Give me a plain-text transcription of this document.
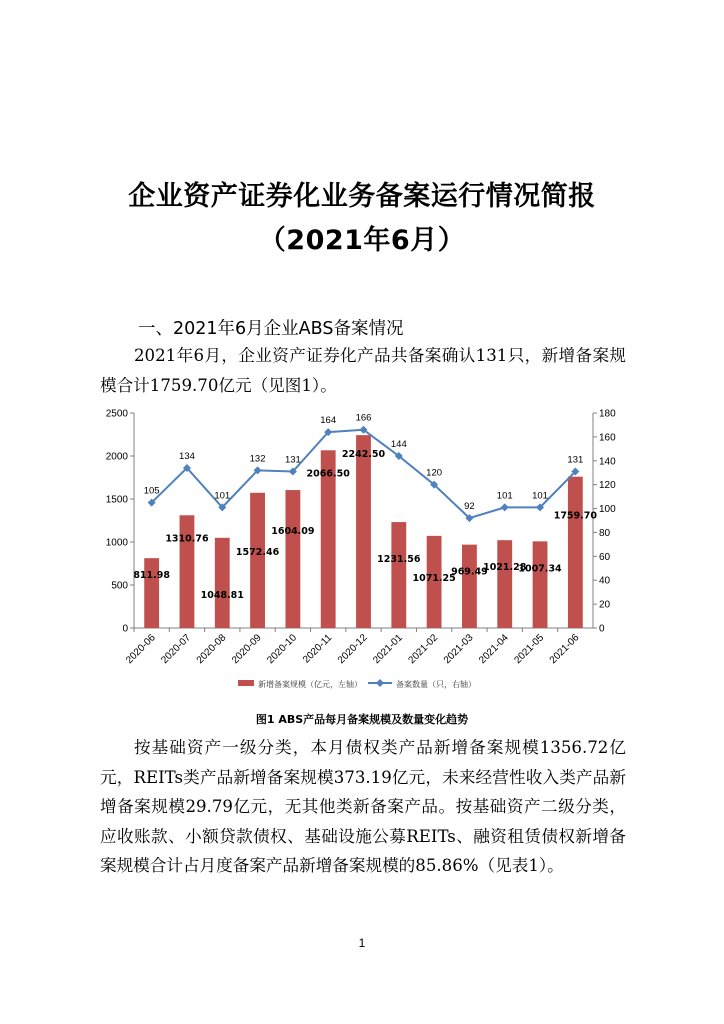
企业资产证券化业务备案运行情况简报
（2021年6月）
一、2021年6月企业ABS备案情况

2021年6月，企业资产证券化产品共备案确认131只，新增备案规模合计1759.70亿元（见图1）。

0
500
1000
1500
2000
2500
0
20
40
60
80
100
120
140
160
180
2020-06 2020-07 2020-08 2020-09 2020-10 2020-11 2020-12 2021-01 2021-02 2021-03 2021-04 2021-05 2021-06
105
134
101
132 131
164 166
144
120
92
101 101
131
811.98
1310.76
1048.81
1572.46
1604.09
2066.50
2242.50
1231.56
1071.25
969.49
1021.28
1007.34
1759.70
新增备案规模（亿元，左轴）	备案数量（只，右轴）
图1 ABS产品每月备案规模及数量变化趋势

按基础资产一级分类，本月债权类产品新增备案规模1356.72亿元，REITs类产品新增备案规模373.19亿元，未来经营性收入类产品新增备案规模29.79亿元，无其他类新备案产品。按基础资产二级分类，应收账款、小额贷款债权、基础设施公募REITs、融资租赁债权新增备案规模合计占月度备案产品新增备案规模的85.86%（见表1）。

1
